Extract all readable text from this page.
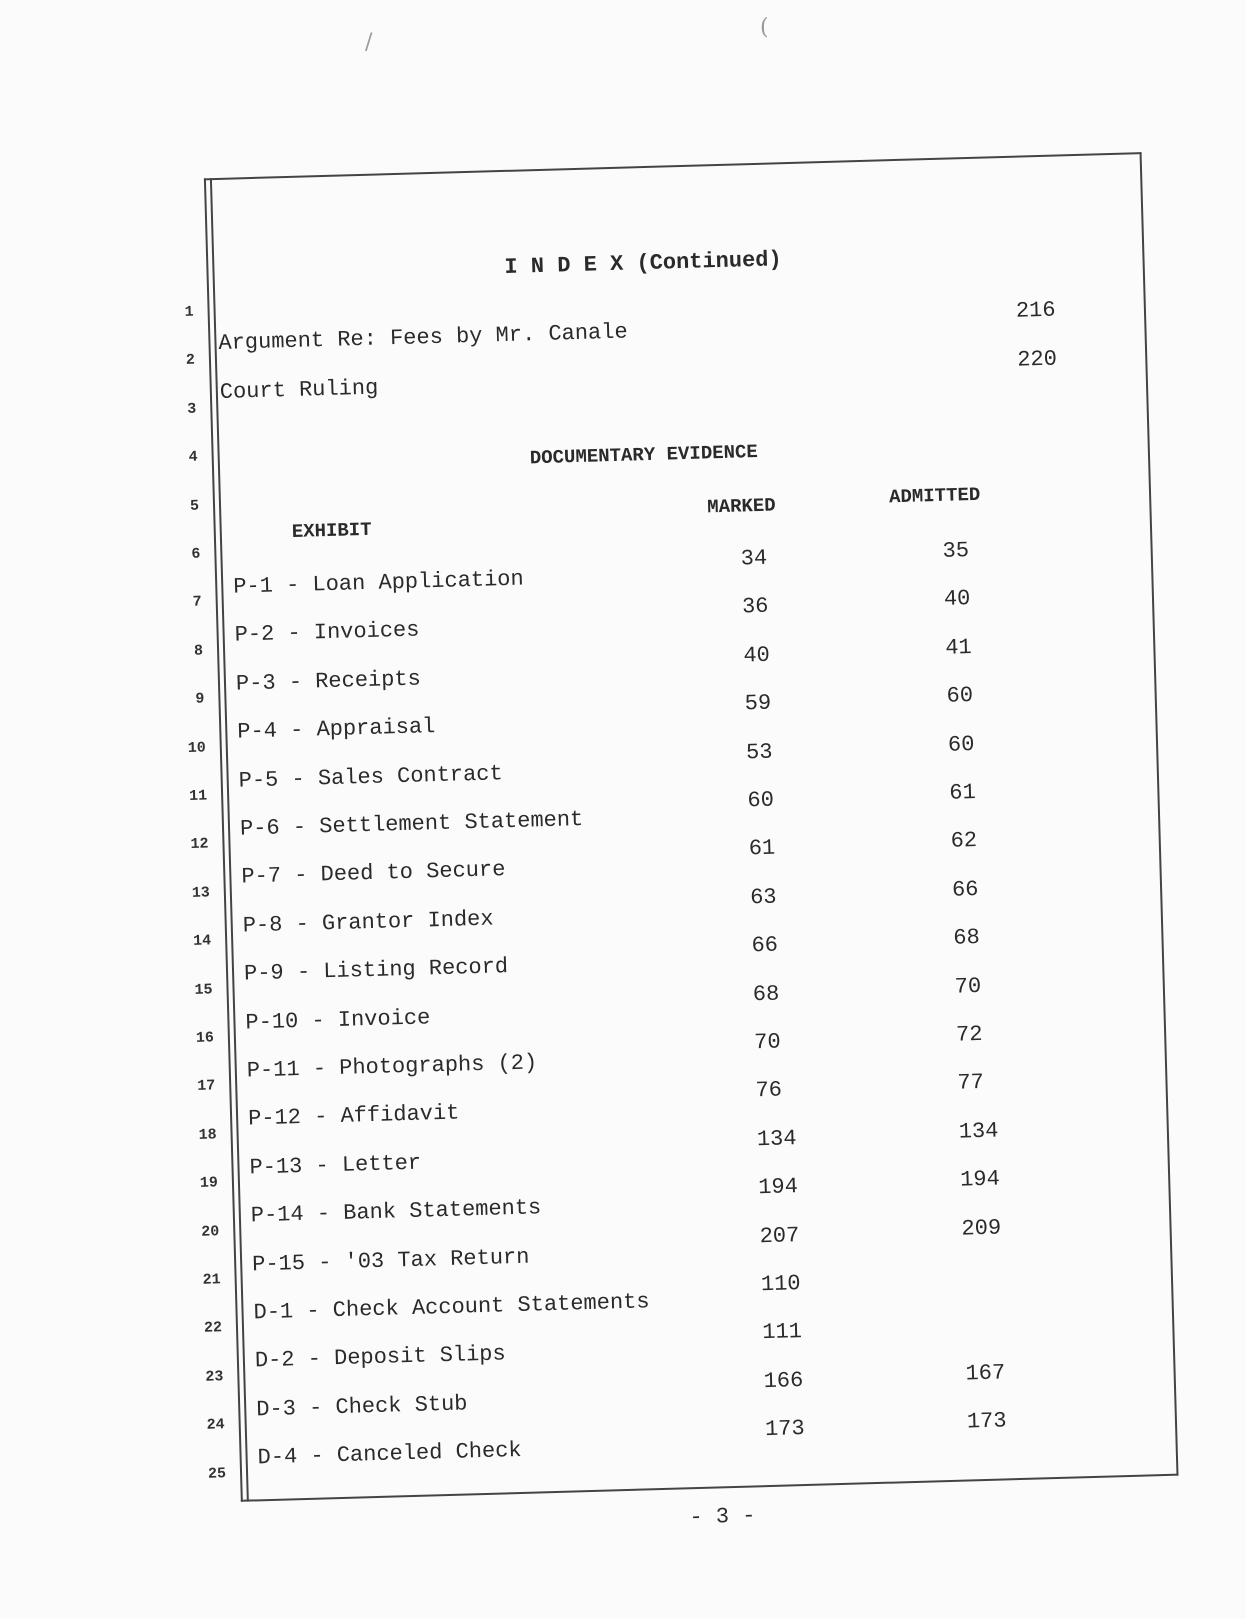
1
2
3
4
5
6
7
8
9
10
11
12
13
14
15
16
17
18
19
20
21
22
23
24
25
I N D E X (Continued)
Argument Re: Fees by Mr. Canale
216
Court Ruling
220
DOCUMENTARY EVIDENCE
EXHIBIT
MARKED	ADMITTED
P-1 - Loan Application
34	35
P-2 - Invoices
36	40
P-3 - Receipts
40	41
P-4 - Appraisal
59	60
P-5 - Sales Contract
53	60
P-6 - Settlement Statement
60	61
P-7 - Deed to Secure
61	62
P-8 - Grantor Index
63	66
P-9 - Listing Record
66	68
P-10 - Invoice
68	70
P-11 - Photographs (2)
70	72
P-12 - Affidavit
76	77
P-13 - Letter
134	134
P-14 - Bank Statements
194	194
P-15 - '03 Tax Return
207	209
D-1 - Check Account Statements
110
D-2 - Deposit Slips
111
D-3 - Check Stub
166	167
D-4 - Canceled Check
173	173
- 3 -
/
(
